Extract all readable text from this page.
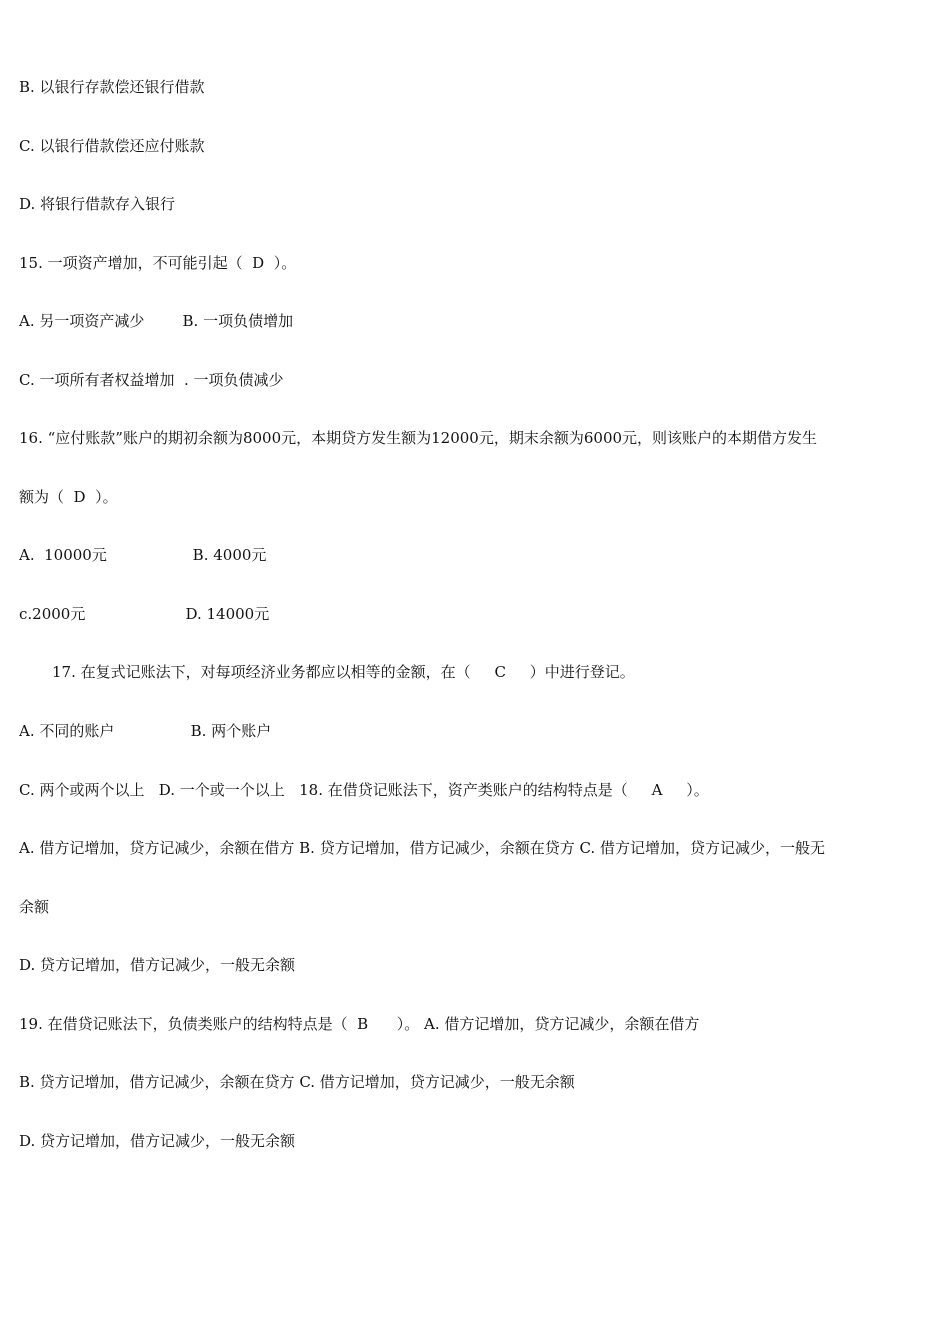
B. 以银行存款偿还银行借款
C. 以银行借款偿还应付账款
D. 将银行借款存入银行
15. 一项资产增加，不可能引起（  D  ）。
A. 另一项资产减少        B. 一项负债增加
C. 一项所有者权益增加  . 一项负债减少
16. “应付账款”账户的期初余额为8000元，本期贷方发生额为12000元，期末余额为6000元，则该账户的本期借方发生
额为（  D  ）。
A.  10000元                  B. 4000元
c.2000元                     D. 14000元
17. 在复式记账法下，对每项经济业务都应以相等的金额，在（     C     ）中进行登记。
A. 不同的账户                B. 两个账户
C. 两个或两个以上   D. 一个或一个以上   18. 在借贷记账法下，资产类账户的结构特点是（     A     ）。
A. 借方记增加，贷方记减少，余额在借方 B. 贷方记增加，借方记减少，余额在贷方 C. 借方记增加，贷方记减少，一般无
余额
D. 贷方记增加，借方记减少，一般无余额
19. 在借贷记账法下，负债类账户的结构特点是（  B      ）。 A. 借方记增加，贷方记减少，余额在借方
B. 贷方记增加，借方记减少，余额在贷方 C. 借方记增加，贷方记减少，一般无余额
D. 贷方记增加，借方记减少，一般无余额
